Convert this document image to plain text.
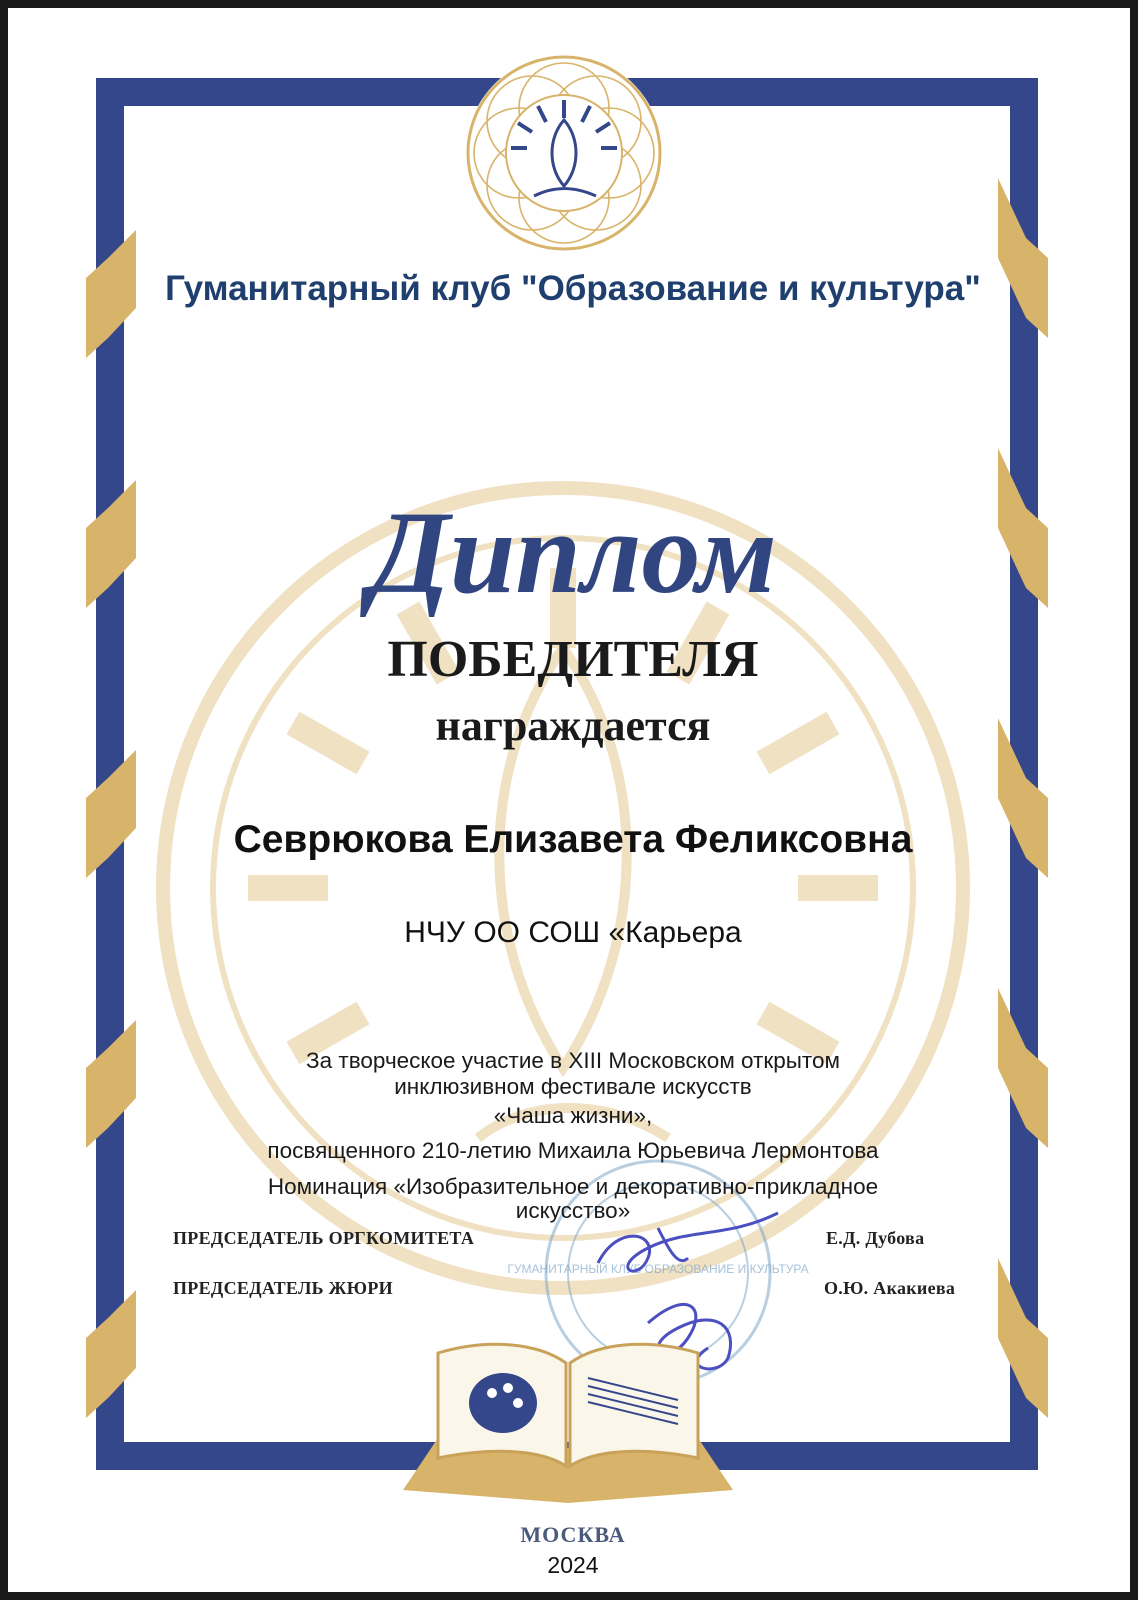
ГУМАНИТАРНЫЙ КЛУБ ОБРАЗОВАНИЕ И КУЛЬТУРА
Гуманитарный клуб "Образование и культура"
Диплом
ПОБЕДИТЕЛЯ
награждается
Севрюкова Елизавета Феликсовна
НЧУ ОО СОШ «Карьера
За творческое участие в XIII Московском открытом
инклюзивном фестивале искусств
«Чаша жизни»,
посвященного 210-летию Михаила Юрьевича Лермонтова
Номинация «Изобразительное и декоративно-прикладное
искусство»
ПРЕДСЕДАТЕЛЬ ОРГКОМИТЕТА	Е.Д. Дубова
ПРЕДСЕДАТЕЛЬ ЖЮРИ	О.Ю. Акакиева
МОСКВА
2024
